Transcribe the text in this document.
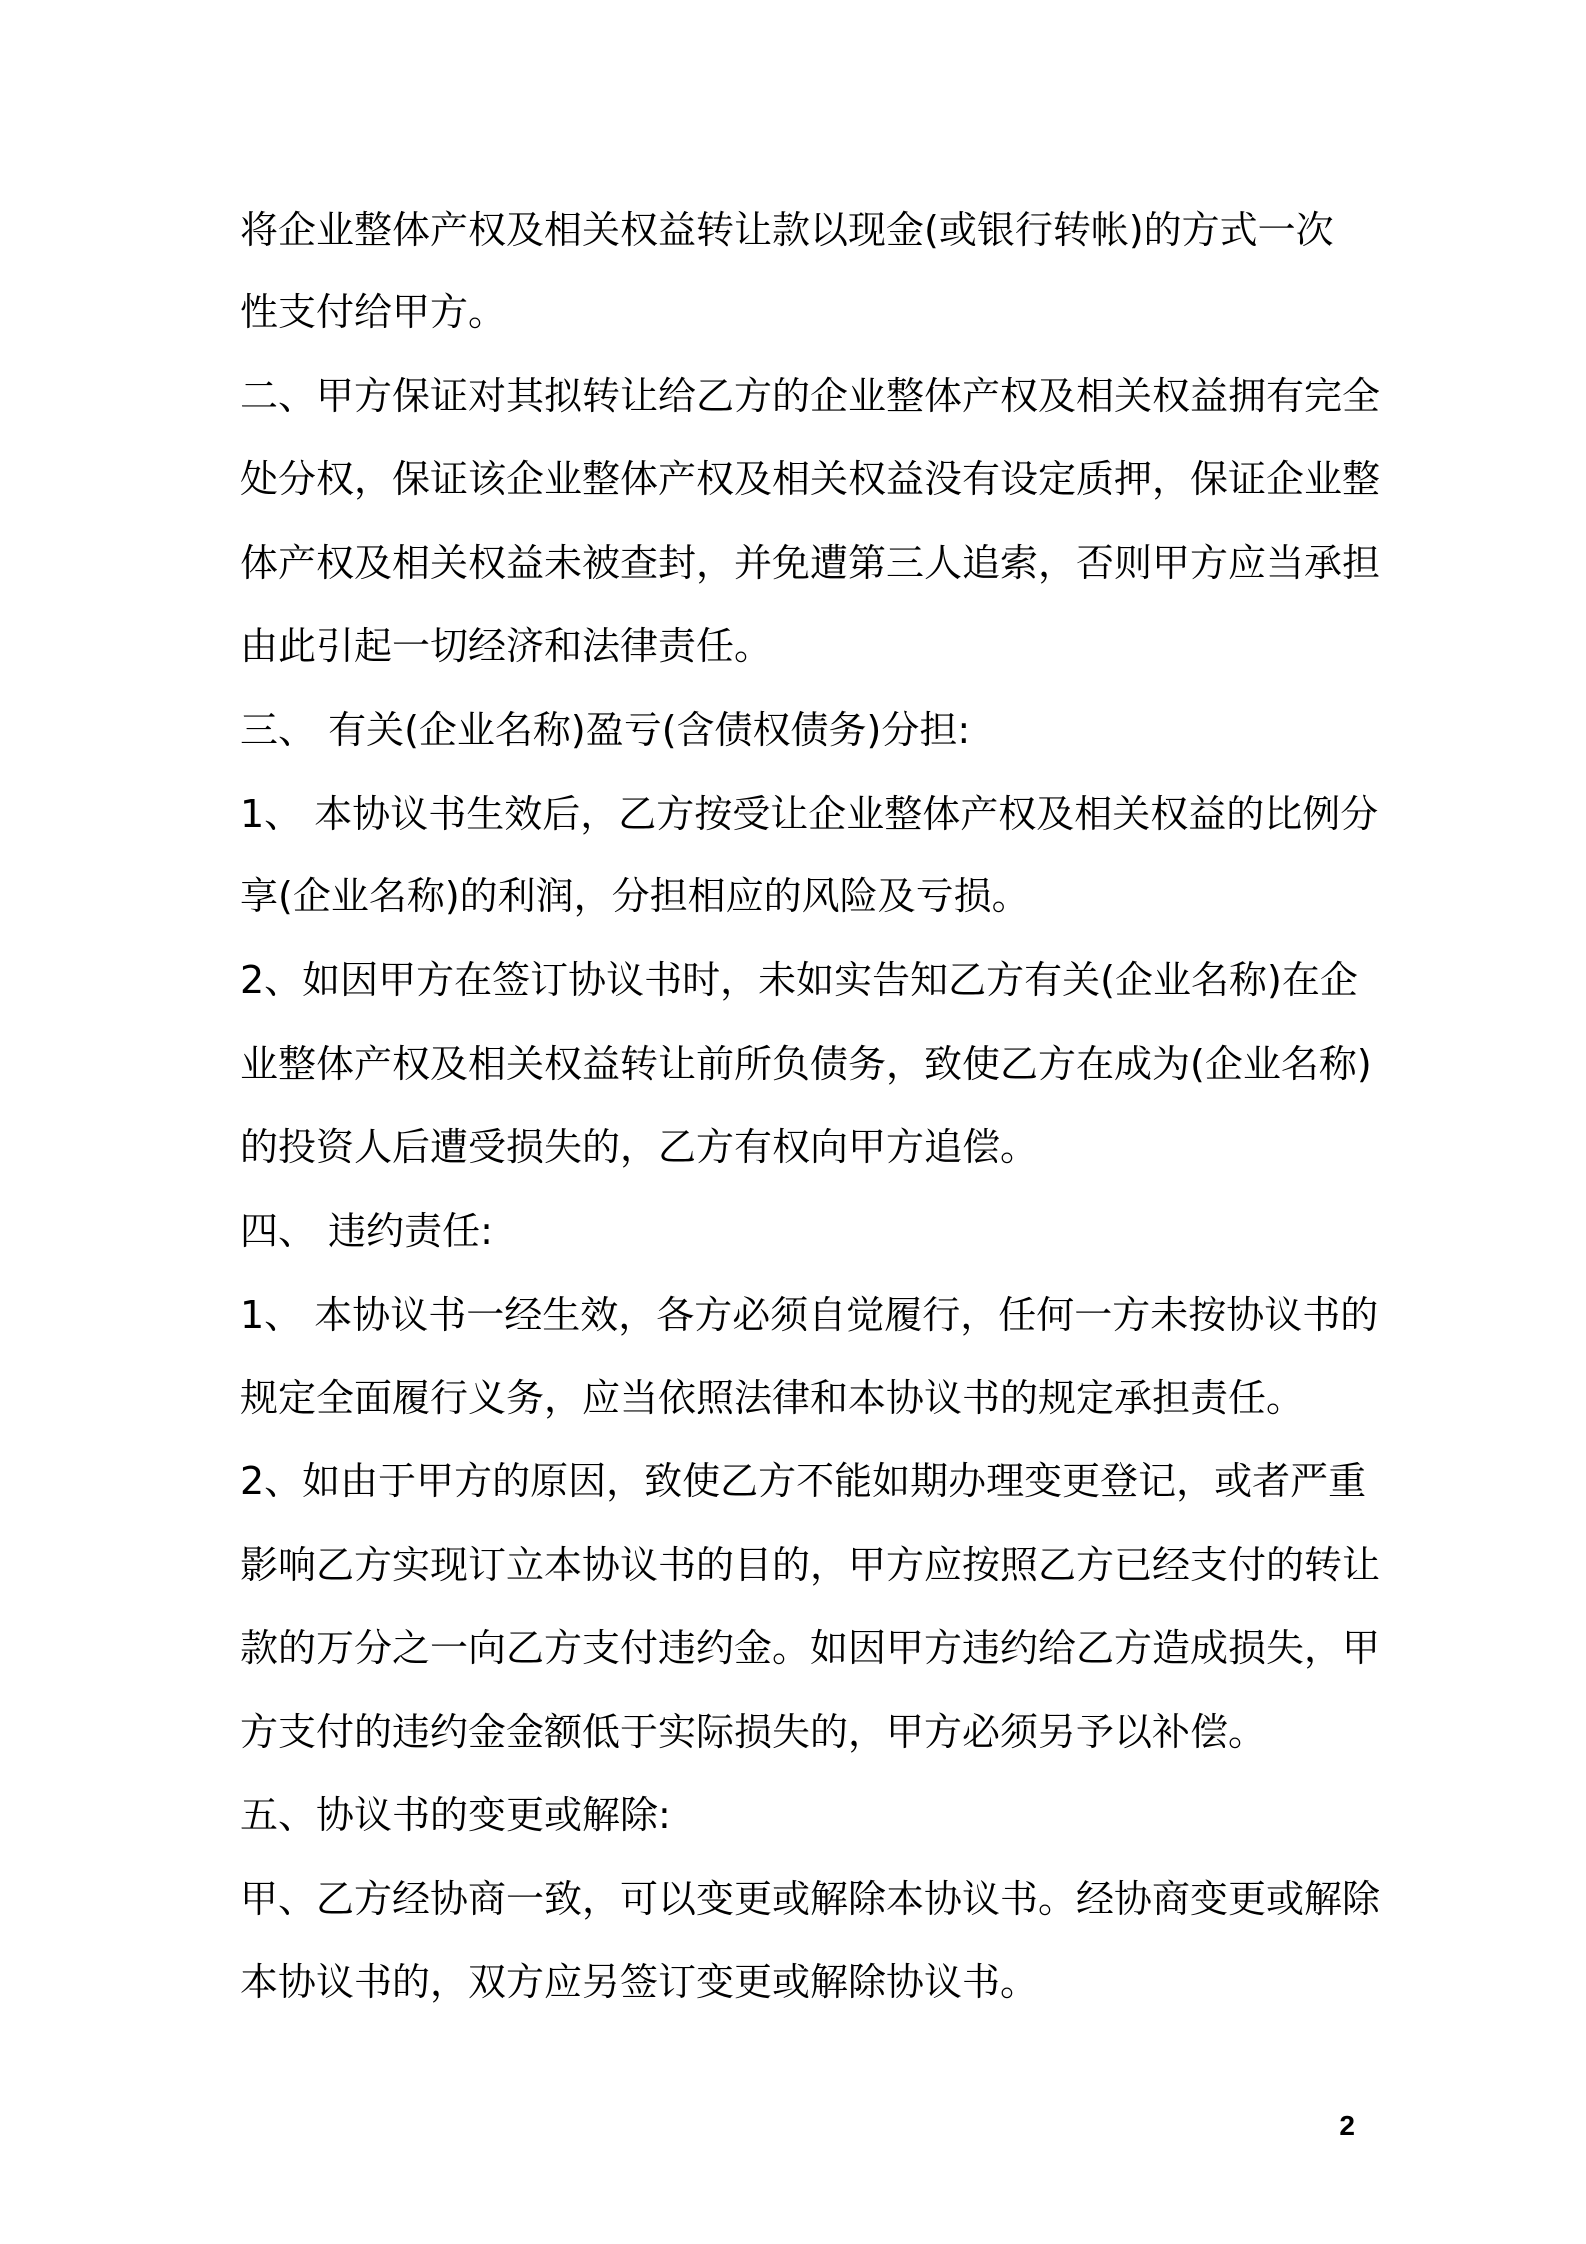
将企业整体产权及相关权益转让款以现金(或银行转帐)的方式一次
性支付给甲方。
二、甲方保证对其拟转让给乙方的企业整体产权及相关权益拥有完全
处分权，保证该企业整体产权及相关权益没有设定质押，保证企业整
体产权及相关权益未被查封，并免遭第三人追索，否则甲方应当承担
由此引起一切经济和法律责任。
三、 有关(企业名称)盈亏(含债权债务)分担:
1、 本协议书生效后，乙方按受让企业整体产权及相关权益的比例分
享(企业名称)的利润，分担相应的风险及亏损。
2、如因甲方在签订协议书时，未如实告知乙方有关(企业名称)在企
业整体产权及相关权益转让前所负债务，致使乙方在成为(企业名称)
的投资人后遭受损失的，乙方有权向甲方追偿。
四、 违约责任:
1、 本协议书一经生效，各方必须自觉履行，任何一方未按协议书的
规定全面履行义务，应当依照法律和本协议书的规定承担责任。
2、如由于甲方的原因，致使乙方不能如期办理变更登记，或者严重
影响乙方实现订立本协议书的目的，甲方应按照乙方已经支付的转让
款的万分之一向乙方支付违约金。如因甲方违约给乙方造成损失，甲
方支付的违约金金额低于实际损失的，甲方必须另予以补偿。
五、协议书的变更或解除:
甲、乙方经协商一致，可以变更或解除本协议书。经协商变更或解除
本协议书的，双方应另签订变更或解除协议书。
2
